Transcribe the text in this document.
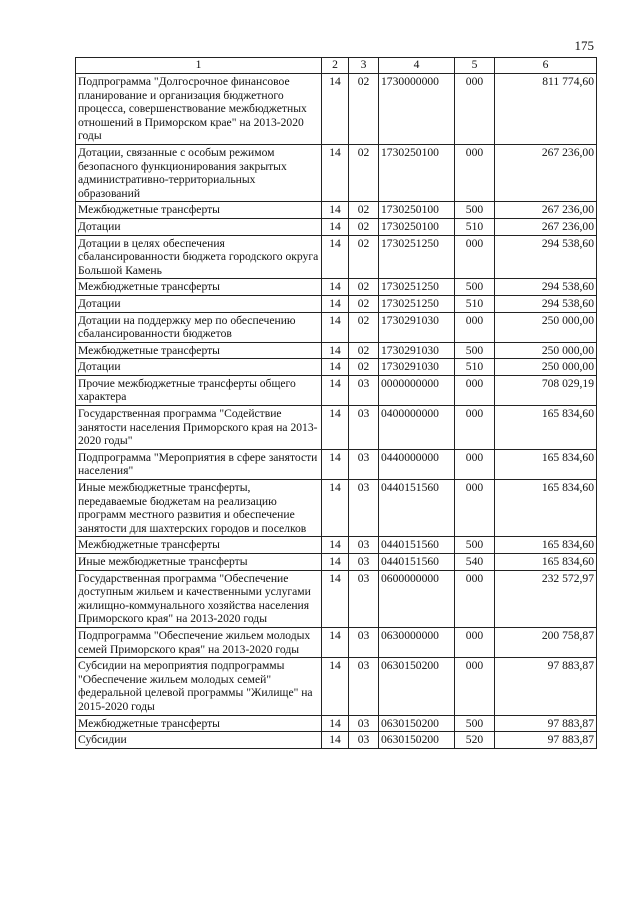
175
1	2	3	4	5	6
Подпрограмма "Долгосрочное финансовое планирование и организация бюджетного процесса, совершенствование межбюджетных отношений в Приморском крае" на 2013-2020 годы	14	02	1730000000	000	811 774,60
Дотации, связанные с особым режимом безопасного функционирования закрытых административно-территориальных образований	14	02	1730250100	000	267 236,00
Межбюджетные трансферты	14	02	1730250100	500	267 236,00
Дотации	14	02	1730250100	510	267 236,00
Дотации в целях обеспечения сбалансированности бюджета городского округа Большой Камень	14	02	1730251250	000	294 538,60
Межбюджетные трансферты	14	02	1730251250	500	294 538,60
Дотации	14	02	1730251250	510	294 538,60
Дотации на поддержку мер по обеспечению сбалансированности бюджетов	14	02	1730291030	000	250 000,00
Межбюджетные трансферты	14	02	1730291030	500	250 000,00
Дотации	14	02	1730291030	510	250 000,00
Прочие межбюджетные трансферты общего характера	14	03	0000000000	000	708 029,19
Государственная программа "Содействие занятости населения Приморского края на 2013-2020 годы"	14	03	0400000000	000	165 834,60
Подпрограмма "Мероприятия в сфере занятости населения"	14	03	0440000000	000	165 834,60
Иные межбюджетные трансферты, передаваемые бюджетам на реализацию программ местного развития и обеспечение занятости для шахтерских городов и поселков	14	03	0440151560	000	165 834,60
Межбюджетные трансферты	14	03	0440151560	500	165 834,60
Иные межбюджетные трансферты	14	03	0440151560	540	165 834,60
Государственная программа "Обеспечение доступным жильем и качественными услугами жилищно-коммунального хозяйства населения Приморского края" на 2013-2020 годы	14	03	0600000000	000	232 572,97
Подпрограмма "Обеспечение жильем молодых семей Приморского края" на 2013-2020 годы	14	03	0630000000	000	200 758,87
Субсидии на мероприятия подпрограммы "Обеспечение жильем молодых семей" федеральной целевой программы "Жилище" на 2015-2020 годы	14	03	0630150200	000	97 883,87
Межбюджетные трансферты	14	03	0630150200	500	97 883,87
Субсидии	14	03	0630150200	520	97 883,87
